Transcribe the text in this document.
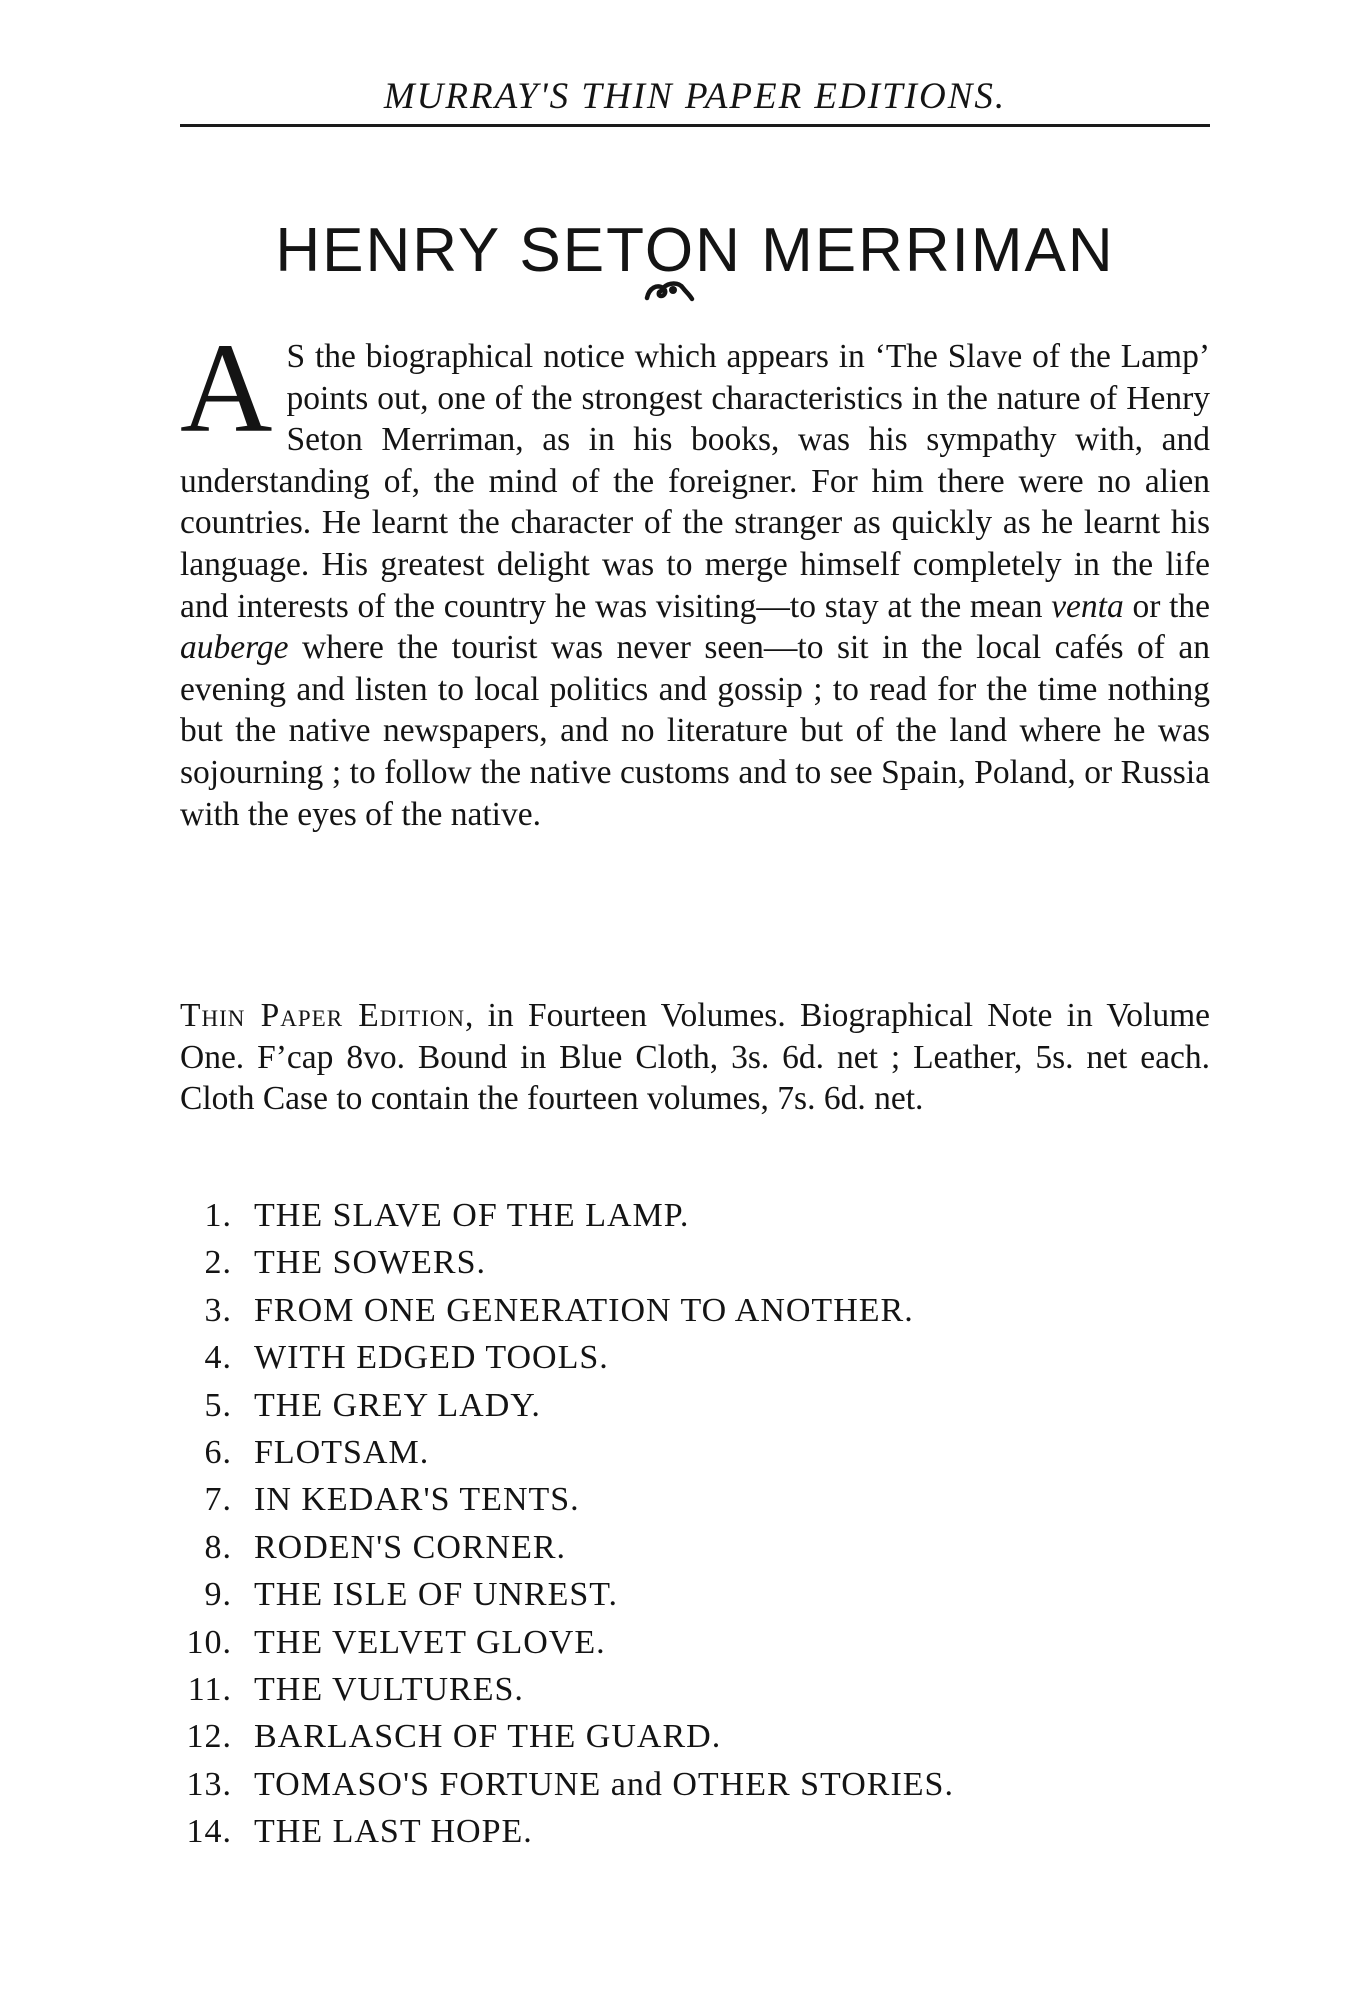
MURRAY'S THIN PAPER EDITIONS.
HENRY SETON MERRIMAN

A S the biographical notice which appears in ‘The Slave of the Lamp’ points out, one of the strongest characteristics in the nature of Henry Seton Merriman, as in his books, was his sympathy with, and understanding of, the mind of the foreigner. For him there were no alien countries. He learnt the character of the stranger as quickly as he learnt his language. His greatest delight was to merge himself completely in the life and interests of the country he was visiting—to stay at the mean venta or the auberge where the tourist was never seen—to sit in the local cafés of an evening and listen to local politics and gossip ; to read for the time nothing but the native newspapers, and no literature but of the land where he was sojourning ; to follow the native customs and to see Spain, Poland, or Russia with the eyes of the native.

Thin Paper Edition, in Fourteen Volumes. Biographical Note in Volume One. F’cap 8vo. Bound in Blue Cloth, 3s. 6d. net ; Leather, 5s. net each. Cloth Case to contain the fourteen volumes, 7s. 6d. net.

1. THE SLAVE OF THE LAMP.
2. THE SOWERS.
3. FROM ONE GENERATION TO ANOTHER.
4. WITH EDGED TOOLS.
5. THE GREY LADY.
6. FLOTSAM.
7. IN KEDAR'S TENTS.
8. RODEN'S CORNER.
9. THE ISLE OF UNREST.
10. THE VELVET GLOVE.
11. THE VULTURES.
12. BARLASCH OF THE GUARD.
13. TOMASO'S FORTUNE and OTHER STORIES.
14. THE LAST HOPE.
